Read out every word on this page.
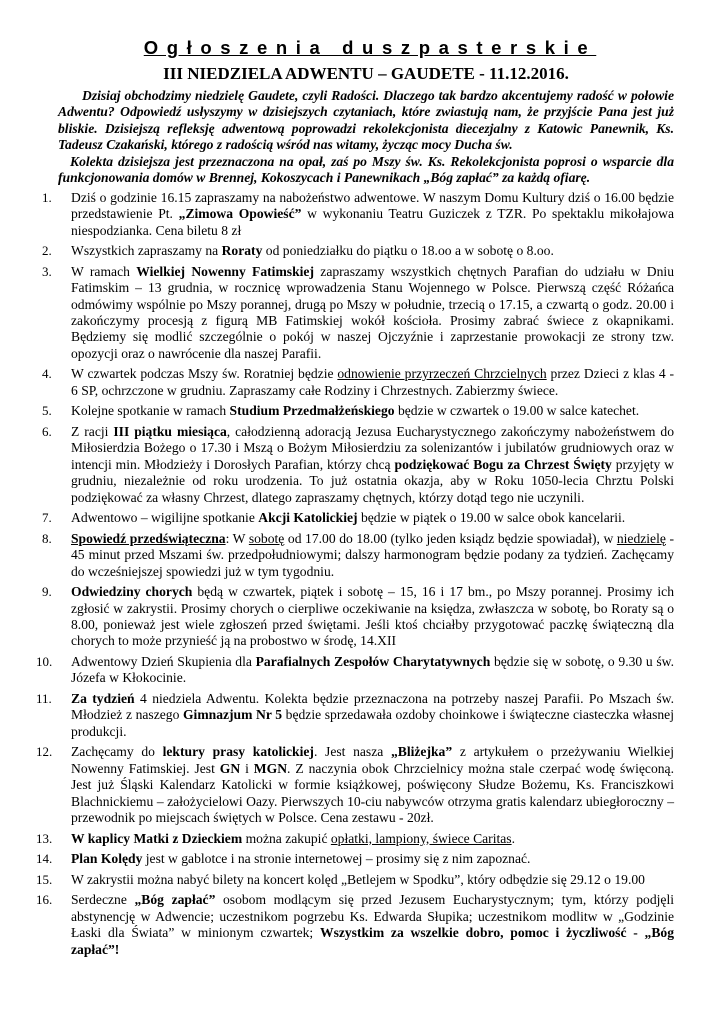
Ogłoszenia duszpasterskie
III NIEDZIELA ADWENTU – GAUDETE - 11.12.2016.

Dzisiaj obchodzimy niedzielę Gaudete, czyli Radości. Dlaczego tak bardzo akcentujemy radość w połowie Adwentu? Odpowiedź usłyszymy w dzisiejszych czytaniach, które zwiastują nam, że przyjście Pana jest już bliskie. Dzisiejszą refleksję adwentową poprowadzi rekolekcjonista diecezjalny z Katowic Panewnik, Ks. Tadeusz Czakański, którego z radością wśród nas witamy, życząc mocy Ducha św.

Kolekta dzisiejsza jest przeznaczona na opał, zaś po Mszy św. Ks. Rekolekcjonista poprosi o wsparcie dla funkcjonowania domów w Brennej, Kokoszycach i Panewnikach „Bóg zapłać” za każdą ofiarę.

1.	Dziś o godzinie 16.15 zapraszamy na nabożeństwo adwentowe. W naszym Domu Kultury dziś o 16.00 będzie przedstawienie Pt. „Zimowa Opowieść” w wykonaniu Teatru Guziczek z TZR. Po spektaklu mikołajowa niespodzianka. Cena biletu 8 zł
2.	Wszystkich zapraszamy na Roraty od poniedziałku do piątku o 18.oo a w sobotę o 8.oo.
3.	W ramach Wielkiej Nowenny Fatimskiej zapraszamy wszystkich chętnych Parafian do udziału w Dniu Fatimskim – 13 grudnia, w rocznicę wprowadzenia Stanu Wojennego w Polsce. Pierwszą część Różańca odmówimy wspólnie po Mszy porannej, drugą po Mszy w południe, trzecią o 17.15, a czwartą o godz. 20.00 i zakończymy procesją z figurą MB Fatimskiej wokół kościoła. Prosimy zabrać świece z okapnikami. Będziemy się modlić szczególnie o pokój w naszej Ojczyźnie i zaprzestanie prowokacji ze strony tzw. opozycji oraz o nawrócenie dla naszej Parafii.
4.	W czwartek podczas Mszy św. Roratniej będzie odnowienie przyrzeczeń Chrzcielnych przez Dzieci z klas 4 - 6 SP, ochrzczone w grudniu. Zapraszamy całe Rodziny i Chrzestnych. Zabierzmy świece.
5.	Kolejne spotkanie w ramach Studium Przedmałżeńskiego będzie w czwartek o 19.00 w salce katechet.
6.	Z racji III piątku miesiąca, całodzienną adoracją Jezusa Eucharystycznego zakończymy nabożeństwem do Miłosierdzia Bożego o 17.30 i Mszą o Bożym Miłosierdziu za solenizantów i jubilatów grudniowych oraz w intencji min. Młodzieży i Dorosłych Parafian, którzy chcą podziękować Bogu za Chrzest Święty przyjęty w grudniu, niezależnie od roku urodzenia. To już ostatnia okazja, aby w Roku 1050-lecia Chrztu Polski podziękować za własny Chrzest, dlatego zapraszamy chętnych, którzy dotąd tego nie uczynili.
7.	Adwentowo – wigilijne spotkanie Akcji Katolickiej będzie w piątek o 19.00 w salce obok kancelarii.
8.	Spowiedź przedświąteczna: W sobotę od 17.00 do 18.00 (tylko jeden ksiądz będzie spowiadał), w niedzielę - 45 minut przed Mszami św. przedpołudniowymi; dalszy harmonogram będzie podany za tydzień. Zachęcamy do wcześniejszej spowiedzi już w tym tygodniu.
9.	Odwiedziny chorych będą w czwartek, piątek i sobotę – 15, 16 i 17 bm., po Mszy porannej. Prosimy ich zgłosić w zakrystii. Prosimy chorych o cierpliwe oczekiwanie na księdza, zwłaszcza w sobotę, bo Roraty są o 8.00, ponieważ jest wiele zgłoszeń przed świętami. Jeśli ktoś chciałby przygotować paczkę świąteczną dla chorych to może przynieść ją na probostwo w środę, 14.XII
10.	Adwentowy Dzień Skupienia dla Parafialnych Zespołów Charytatywnych będzie się w sobotę, o 9.30 u św. Józefa w Kłokocinie.
11.	Za tydzień 4 niedziela Adwentu. Kolekta będzie przeznaczona na potrzeby naszej Parafii. Po Mszach św. Młodzież z naszego Gimnazjum Nr 5 będzie sprzedawała ozdoby choinkowe i świąteczne ciasteczka własnej produkcji.
12.	Zachęcamy do lektury prasy katolickiej. Jest nasza „Bliżejka” z artykułem o przeżywaniu Wielkiej Nowenny Fatimskiej. Jest GN i MGN. Z naczynia obok Chrzcielnicy można stale czerpać wodę święconą. Jest już Śląski Kalendarz Katolicki w formie książkowej, poświęcony Słudze Bożemu, Ks. Franciszkowi Blachnickiemu – założycielowi Oazy. Pierwszych 10-ciu nabywców otrzyma gratis kalendarz ubiegłoroczny – przewodnik po miejscach świętych w Polsce. Cena zestawu - 20zł.
13.	W kaplicy Matki z Dzieckiem można zakupić opłatki, lampiony, świece Caritas.
14.	Plan Kolędy jest w gablotce i na stronie internetowej – prosimy się z nim zapoznać.
15.	W zakrystii można nabyć bilety na koncert kolęd „Betlejem w Spodku”, który odbędzie się 29.12 o 19.00
16.	Serdeczne „Bóg zapłać” osobom modlącym się przed Jezusem Eucharystycznym; tym, którzy podjęli abstynencję w Adwencie; uczestnikom pogrzebu Ks. Edwarda Słupika; uczestnikom modlitw w „Godzinie Łaski dla Świata” w minionym czwartek; Wszystkim za wszelkie dobro, pomoc i życzliwość - „Bóg zapłać”!
